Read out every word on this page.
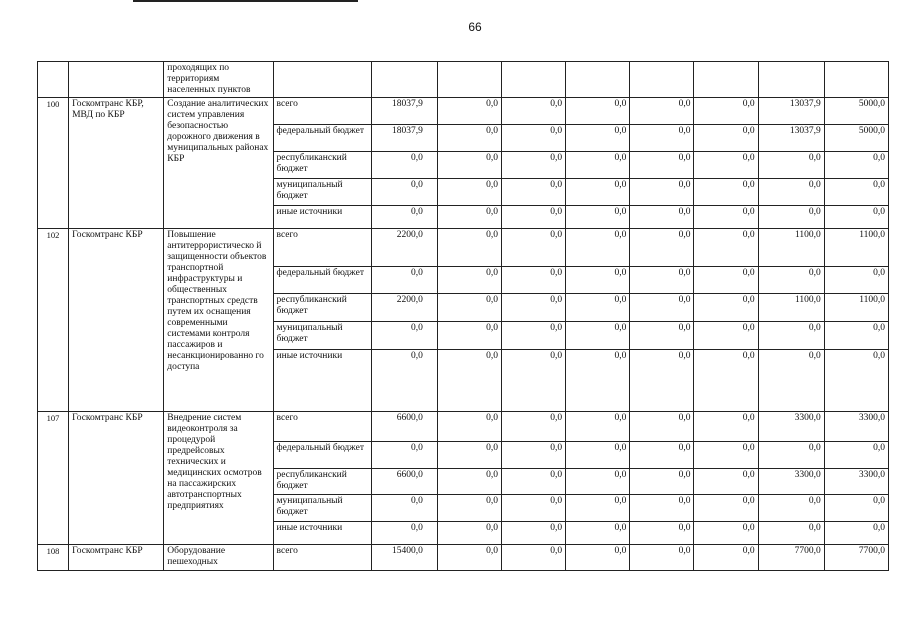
66
		проходящих по территориям населенных пунктов									
100	Госкомтранс КБР, МВД по КБР	Создание аналитических систем управления безопасностью дорожного движения в муниципальных районах КБР	всего	18037,9	0,0	0,0	0,0	0,0	0,0	13037,9	5000,0
			федеральный бюджет	18037,9	0,0	0,0	0,0	0,0	0,0	13037,9	5000,0
			республиканский бюджет	0,0	0,0	0,0	0,0	0,0	0,0	0,0	0,0
			муниципальный бюджет	0,0	0,0	0,0	0,0	0,0	0,0	0,0	0,0
			иные источники	0,0	0,0	0,0	0,0	0,0	0,0	0,0	0,0
102	Госкомтранс КБР	Повышение антитеррористическо й защищенности объектов транспортной инфраструктуры и общественных транспортных средств путем их оснащения современными системами контроля пассажиров и несанкционированно го доступа	всего	2200,0	0,0	0,0	0,0	0,0	0,0	1100,0	1100,0
			федеральный бюджет	0,0	0,0	0,0	0,0	0,0	0,0	0,0	0,0
			республиканский бюджет	2200,0	0,0	0,0	0,0	0,0	0,0	1100,0	1100,0
			муниципальный бюджет	0,0	0,0	0,0	0,0	0,0	0,0	0,0	0,0
			иные источники	0,0	0,0	0,0	0,0	0,0	0,0	0,0	0,0
107	Госкомтранс КБР	Внедрение систем видеоконтроля за процедурой предрейсовых технических и медицинских осмотров на пассажирских автотранспортных предприятиях	всего	6600,0	0,0	0,0	0,0	0,0	0,0	3300,0	3300,0
			федеральный бюджет	0,0	0,0	0,0	0,0	0,0	0,0	0,0	0,0
			республиканский бюджет	6600,0	0,0	0,0	0,0	0,0	0,0	3300,0	3300,0
			муниципальный бюджет	0,0	0,0	0,0	0,0	0,0	0,0	0,0	0,0
			иные источники	0,0	0,0	0,0	0,0	0,0	0,0	0,0	0,0
108	Госкомтранс КБР	Оборудование пешеходных	всего	15400,0	0,0	0,0	0,0	0,0	0,0	7700,0	7700,0
